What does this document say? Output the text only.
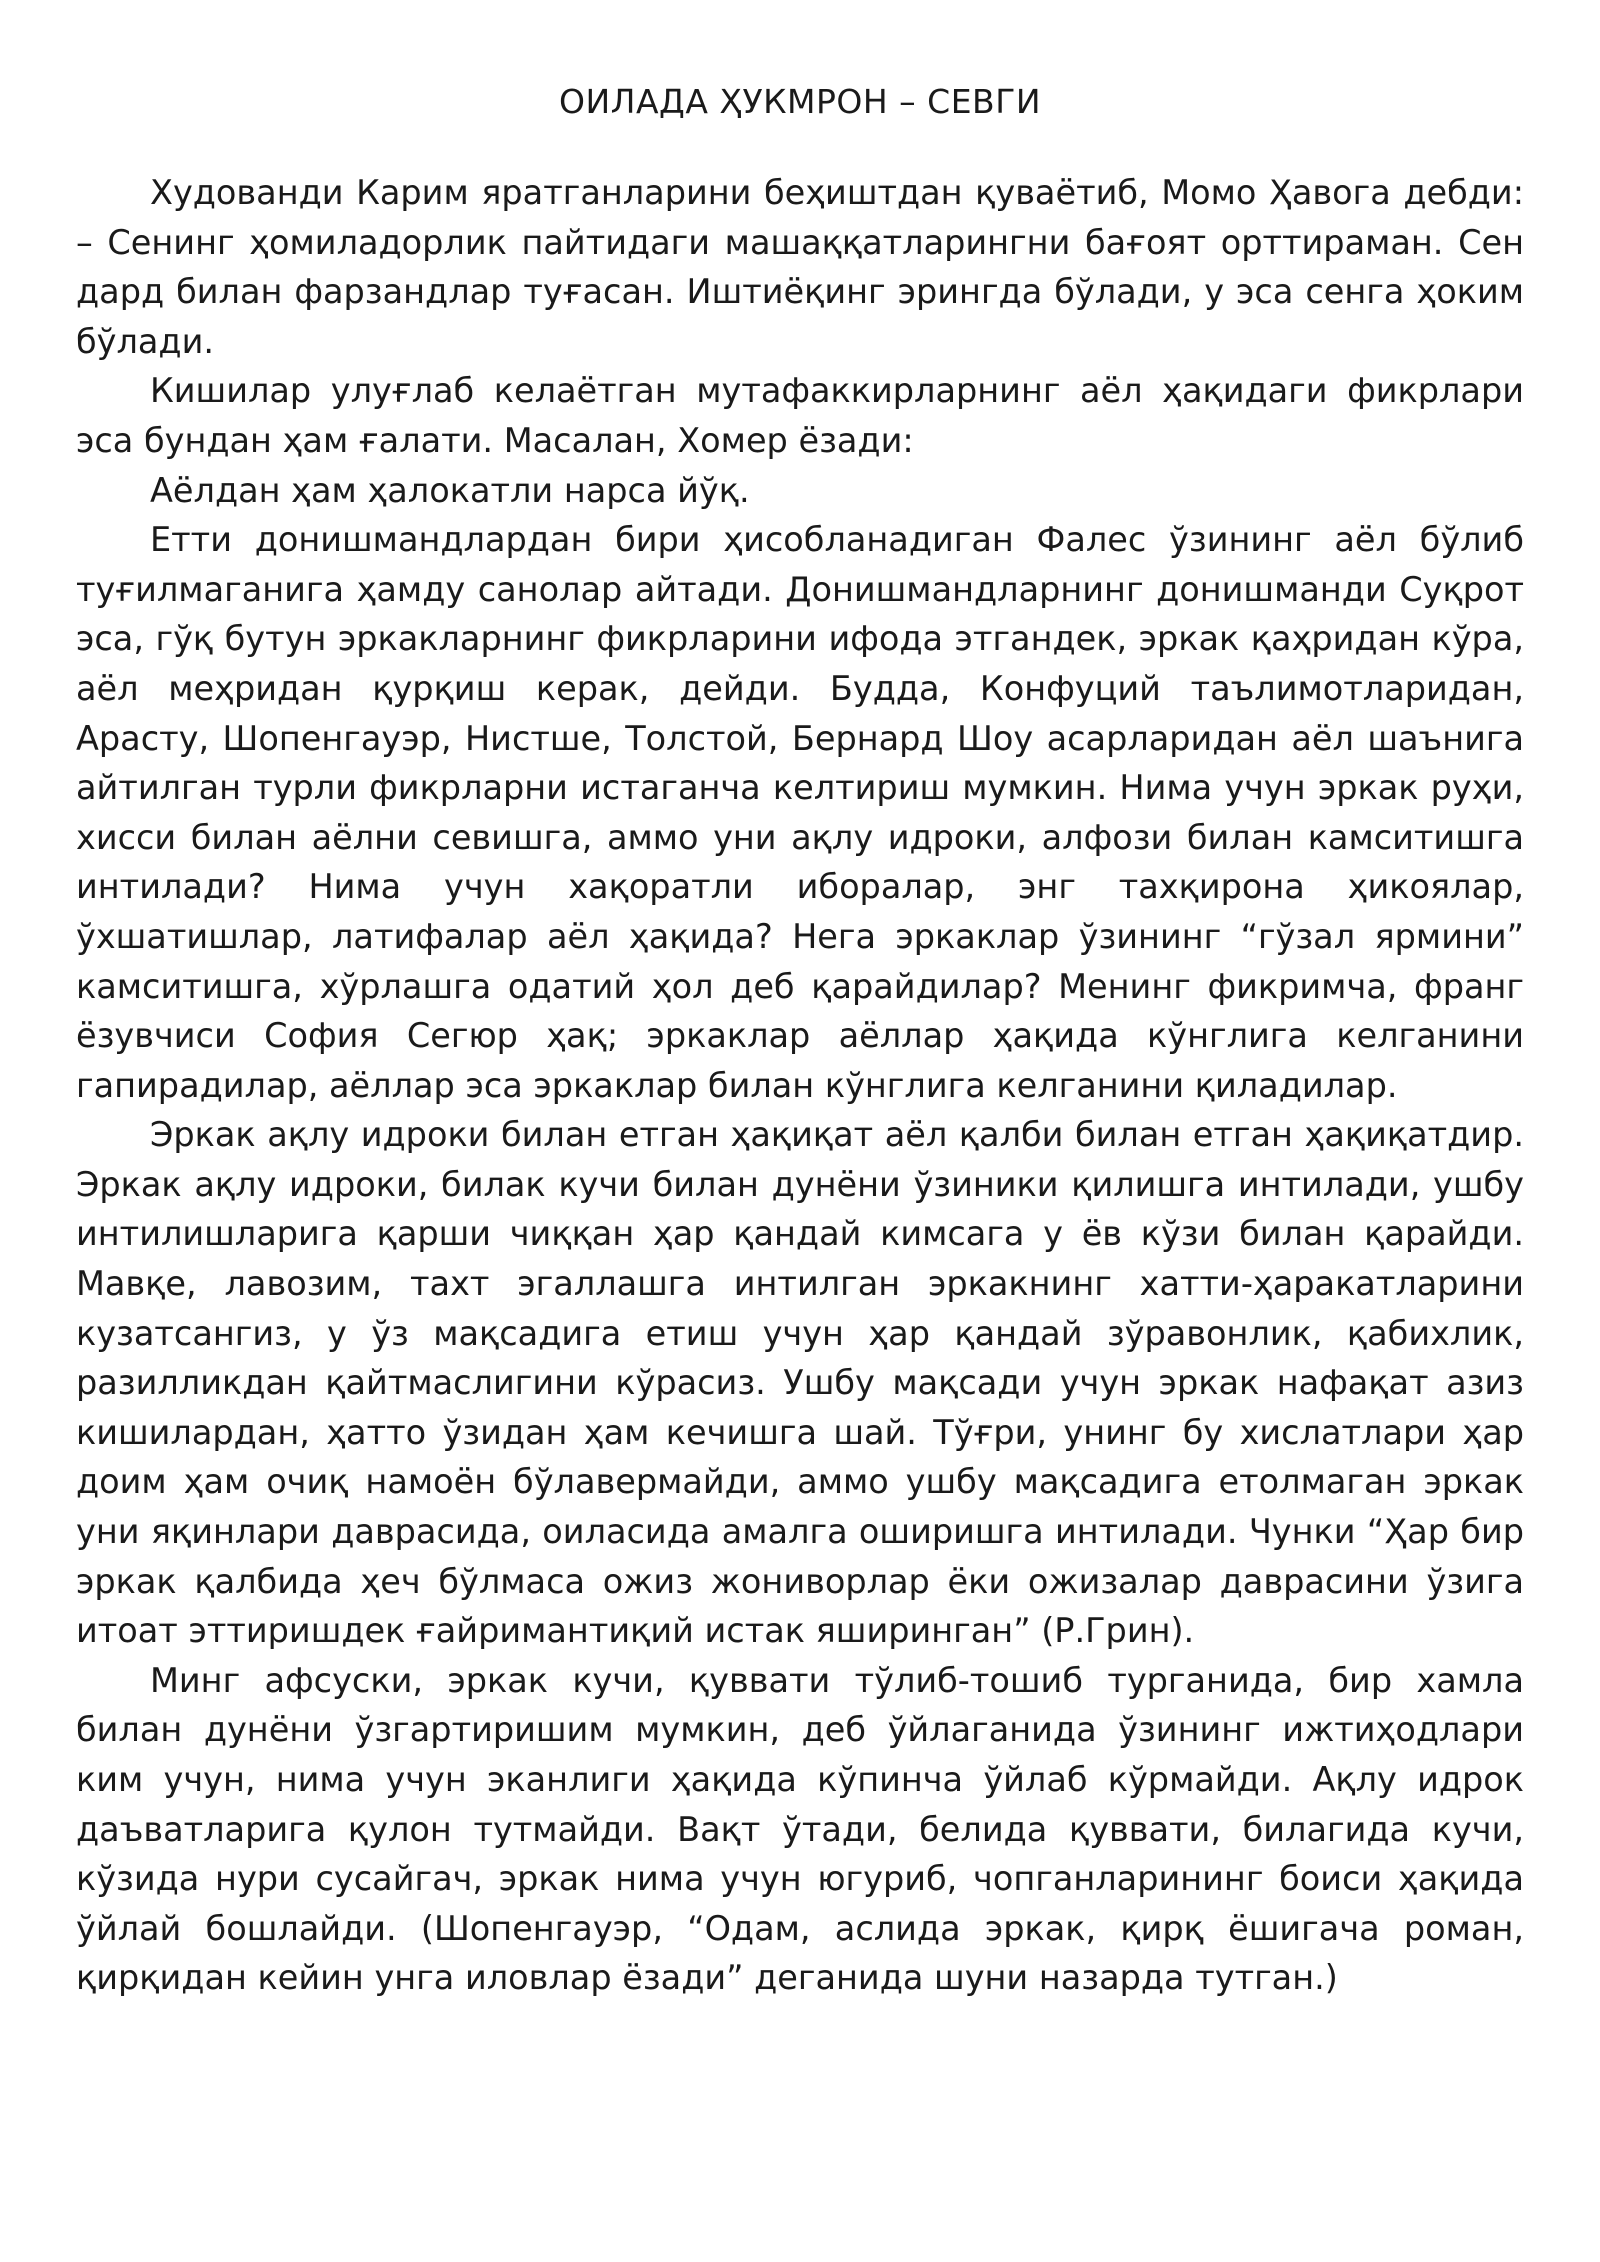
ОИЛАДА ҲУКМРОН – СЕВГИ

Худованди Карим яратганларини беҳиштдан қуваётиб, Момо Ҳавога дебди: – Сенинг ҳомиладорлик пайтидаги машаққатларингни бағоят орттираман. Сен дард билан фарзандлар туғасан. Иштиёқинг эрингда бўлади, у эса сенга ҳоким бўлади.

Кишилар улуғлаб келаётган мутафаккирларнинг аёл ҳақидаги фикрлари эса бундан ҳам ғалати. Масалан, Хомер ёзади:

Аёлдан ҳам ҳалокатли нарса йўқ.

Етти донишмандлардан бири ҳисобланадиган Фалес ўзининг аёл бўлиб туғилмаганига ҳамду санолар айтади. Донишмандларнинг донишманди Суқрот эса, гўқ бутун эркакларнинг фикрларини ифода этгандек, эркак қаҳридан кўра, аёл меҳридан қурқиш керак, дейди. Будда, Конфуций таълимотларидан, Арасту, Шопенгауэр, Нистше, Толстой, Бернард Шоу асарларидан аёл шаънига айтилган турли фикрларни истаганча келтириш мумкин. Нима учун эркак руҳи, хисси билан аёлни севишга, аммо уни ақлу идроки, алфози билан камситишга интилади? Нима учун хақоратли иборалар, энг тахқирона ҳикоялар, ўхшатишлар, латифалар аёл ҳақида? Нега эркаклар ўзининг “гўзал ярмини” камситишга, хўрлашга одатий ҳол деб қарайдилар? Менинг фикримча, франг ёзувчиси София Сегюр ҳақ; эркаклар аёллар ҳақида кўнглига келганини гапирадилар, аёллар эса эркаклар билан кўнглига келганини қиладилар.

Эркак ақлу идроки билан етган ҳақиқат аёл қалби билан етган ҳақиқатдир. Эркак ақлу идроки, билак кучи билан дунёни ўзиники қилишга интилади, ушбу интилишларига қарши чиққан ҳар қандай кимсага у ёв кўзи билан қарайди. Мавқе, лавозим, тахт эгаллашга интилган эркакнинг хатти-ҳаракатларини кузатсангиз, у ўз мақсадига етиш учун ҳар қандай зўравонлик, қабихлик, разилликдан қайтмаслигини кўрасиз. Ушбу мақсади учун эркак нафақат азиз кишилардан, ҳатто ўзидан ҳам кечишга шай. Тўғри, унинг бу хислатлари ҳар доим ҳам очиқ намоён бўлавермайди, аммо ушбу мақсадига етолмаган эркак уни яқинлари даврасида, оиласида амалга оширишга интилади. Чунки “Ҳар бир эркак қалбида ҳеч бўлмаса ожиз жониворлар ёки ожизалар даврасини ўзига итоат эттиришдек ғайримантиқий истак яширинган” (Р.Грин).

Минг афсуски, эркак кучи, қуввати тўлиб-тошиб турганида, бир хамла билан дунёни ўзгартиришим мумкин, деб ўйлаганида ўзининг ижтиҳодлари ким учун, нима учун эканлиги ҳақида кўпинча ўйлаб кўрмайди. Ақлу идрок даъватларига қулон тутмайди. Вақт ўтади, белида қуввати, билагида кучи, кўзида нури сусайгач, эркак нима учун югуриб, чопганларининг боиси ҳақида ўйлай бошлайди. (Шопенгауэр, “Одам, аслида эркак, қирқ ёшигача роман, қирқидан кейин унга иловлар ёзади” деганида шуни назарда тутган.)
